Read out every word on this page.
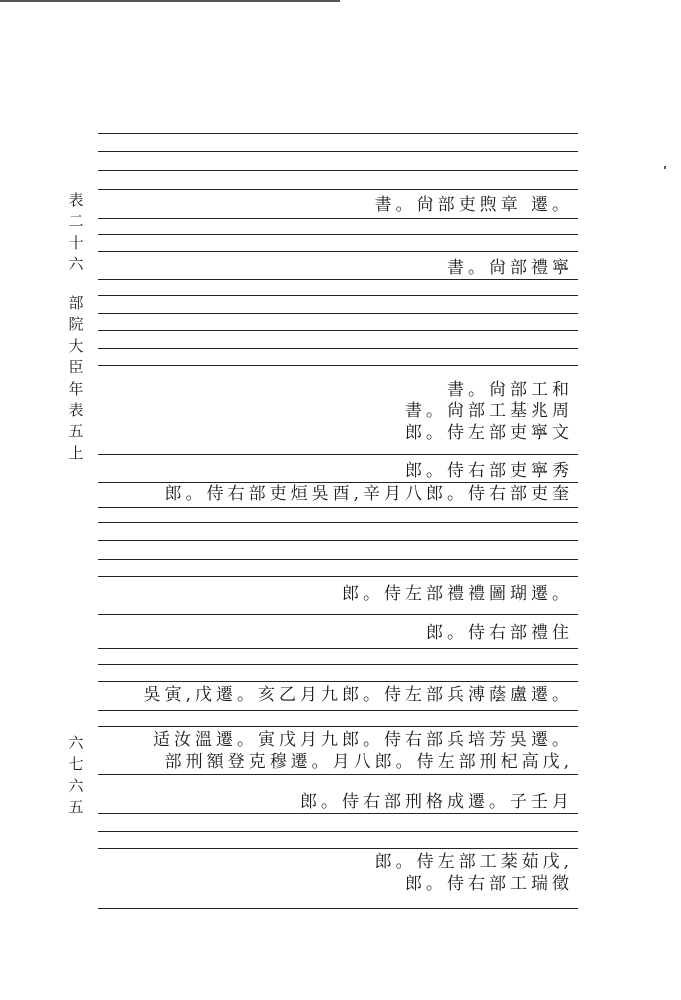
表二十六
部院大臣年表五上
六七六五
書。尙部吏煦章 遷。
書。尙部禮寧
書。尙部工和
書。尙部工基兆周
郎。侍左部吏寧文
郎。侍右部吏寧秀
郎。侍右部吏烜吳酉,辛月八郎。侍右部吏奎
郎。侍左部禮禮圖瑚遷。
郎。侍右部禮住
吳寅,戊遷。亥乙月九郎。侍左部兵溥蔭盧遷。
适汝溫遷。寅戊月九郎。侍右部兵培芳吳遷。
部刑額登克穆遷。月八郎。侍左部刑杞高戊,
郎。侍右部刑格成遷。子壬月
郎。侍左部工棻茹戊,
郎。侍右部工瑞徵
